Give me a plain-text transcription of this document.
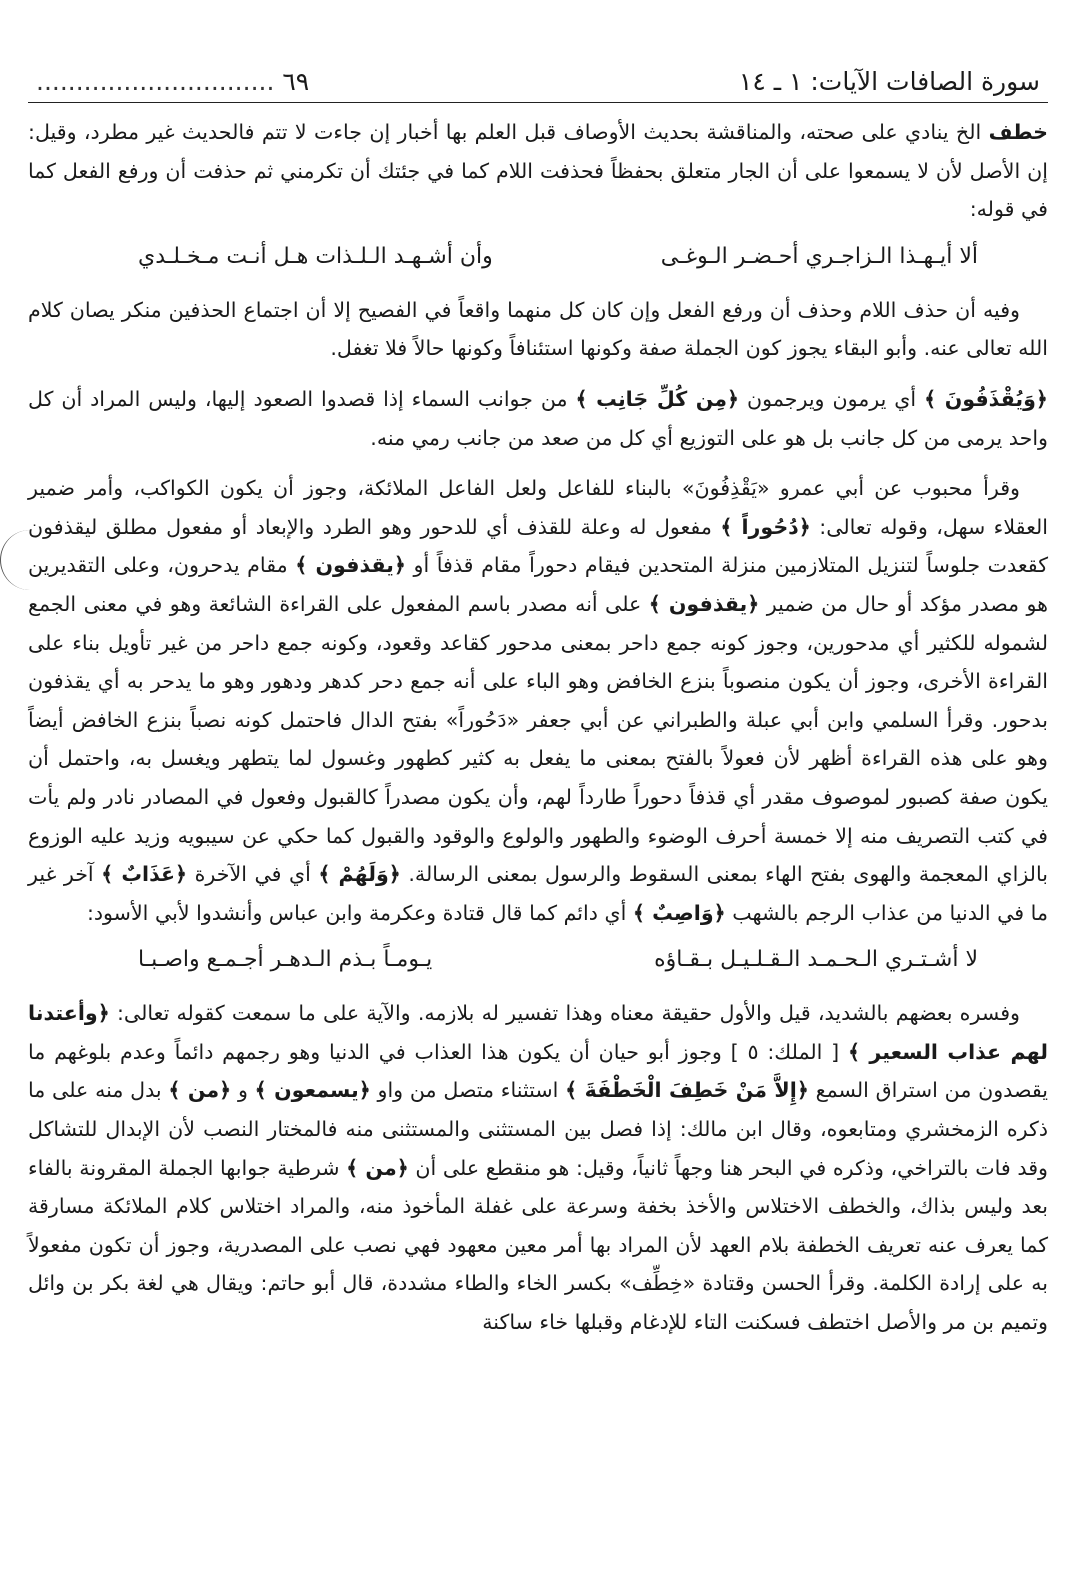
سورة الصافات الآيات: ١ ـ ١٤
.............................. ٦٩

خطف الخ ينادي على صحته، والمناقشة بحديث الأوصاف قبل العلم بها أخبار إن جاءت لا تتم فالحديث غير مطرد، وقيل: إن الأصل لأن لا يسمعوا على أن الجار متعلق بحفظاً فحذفت اللام كما في جئتك أن تكرمني ثم حذفت أن ورفع الفعل كما في قوله:

ألا أيـهـذا الـزاجـري أحـضـر الـوغـى
وأن أشـهـد الـلـذات هـل أنـت مـخـلـدي

وفيه أن حذف اللام وحذف أن ورفع الفعل وإن كان كل منهما واقعاً في الفصيح إلا أن اجتماع الحذفين منكر يصان كلام الله تعالى عنه. وأبو البقاء يجوز كون الجملة صفة وكونها استئنافاً وكونها حالاً فلا تغفل.

﴿وَيُقْذَفُونَ ﴾ أي يرمون ويرجمون ﴿مِن كُلِّ جَانِب ﴾ من جوانب السماء إذا قصدوا الصعود إليها، وليس المراد أن كل واحد يرمى من كل جانب بل هو على التوزيع أي كل من صعد من جانب رمي منه.

وقرأ محبوب عن أبي عمرو «يَقْذِفُونَ» بالبناء للفاعل ولعل الفاعل الملائكة، وجوز أن يكون الكواكب، وأمر ضمير العقلاء سهل، وقوله تعالى: ﴿دُحُوراً ﴾ مفعول له وعلة للقذف أي للدحور وهو الطرد والإبعاد أو مفعول مطلق ليقذفون كقعدت جلوساً لتنزيل المتلازمين منزلة المتحدين فيقام دحوراً مقام قذفاً أو ﴿يقذفون ﴾ مقام يدحرون، وعلى التقديرين هو مصدر مؤكد أو حال من ضمير ﴿يقذفون ﴾ على أنه مصدر باسم المفعول على القراءة الشائعة وهو في معنى الجمع لشموله للكثير أي مدحورين، وجوز كونه جمع داحر بمعنى مدحور كقاعد وقعود، وكونه جمع داحر من غير تأويل بناء على القراءة الأخرى، وجوز أن يكون منصوباً بنزع الخافض وهو الباء على أنه جمع دحر كدهر ودهور وهو ما يدحر به أي يقذفون بدحور. وقرأ السلمي وابن أبي عبلة والطبراني عن أبي جعفر «دَحُوراً» بفتح الدال فاحتمل كونه نصباً بنزع الخافض أيضاً وهو على هذه القراءة أظهر لأن فعولاً بالفتح بمعنى ما يفعل به كثير كطهور وغسول لما يتطهر ويغسل به، واحتمل أن يكون صفة كصبور لموصوف مقدر أي قذفاً دحوراً طارداً لهم، وأن يكون مصدراً كالقبول وفعول في المصادر نادر ولم يأت في كتب التصريف منه إلا خمسة أحرف الوضوء والطهور والولوع والوقود والقبول كما حكي عن سيبويه وزيد عليه الوزوع بالزاي المعجمة والهوى بفتح الهاء بمعنى السقوط والرسول بمعنى الرسالة. ﴿وَلَهُمْ ﴾ أي في الآخرة ﴿عَذَابٌ ﴾ آخر غير ما في الدنيا من عذاب الرجم بالشهب ﴿وَاصِبٌ ﴾ أي دائم كما قال قتادة وعكرمة وابن عباس وأنشدوا لأبي الأسود:

لا أشـتـري الـحـمـد الـقـلـيـل بـقـاؤه
يـومـاً بـذم الـدهـر أجـمـع واصـبـا

وفسره بعضهم بالشديد، قيل والأول حقيقة معناه وهذا تفسير له بلازمه. والآية على ما سمعت كقوله تعالى: ﴿وأعتدنا لهم عذاب السعير ﴾ [ الملك: ٥ ] وجوز أبو حيان أن يكون هذا العذاب في الدنيا وهو رجمهم دائماً وعدم بلوغهم ما يقصدون من استراق السمع ﴿إِلاَّ مَنْ خَطِفَ الْخَطْفَةَ ﴾ استثناء متصل من واو ﴿يسمعون ﴾ و ﴿من ﴾ بدل منه على ما ذكره الزمخشري ومتابعوه، وقال ابن مالك: إذا فصل بين المستثنى والمستثنى منه فالمختار النصب لأن الإبدال للتشاكل وقد فات بالتراخي، وذكره في البحر هنا وجهاً ثانياً، وقيل: هو منقطع على أن ﴿من ﴾ شرطية جوابها الجملة المقرونة بالفاء بعد وليس بذاك، والخطف الاختلاس والأخذ بخفة وسرعة على غفلة المأخوذ منه، والمراد اختلاس كلام الملائكة مسارقة كما يعرف عنه تعريف الخطفة بلام العهد لأن المراد بها أمر معين معهود فهي نصب على المصدرية، وجوز أن تكون مفعولاً به على إرادة الكلمة. وقرأ الحسن وقتادة «خِطِّف» بكسر الخاء والطاء مشددة، قال أبو حاتم: ويقال هي لغة بكر بن وائل وتميم بن مر والأصل اختطف فسكنت التاء للإدغام وقبلها خاء ساكنة
